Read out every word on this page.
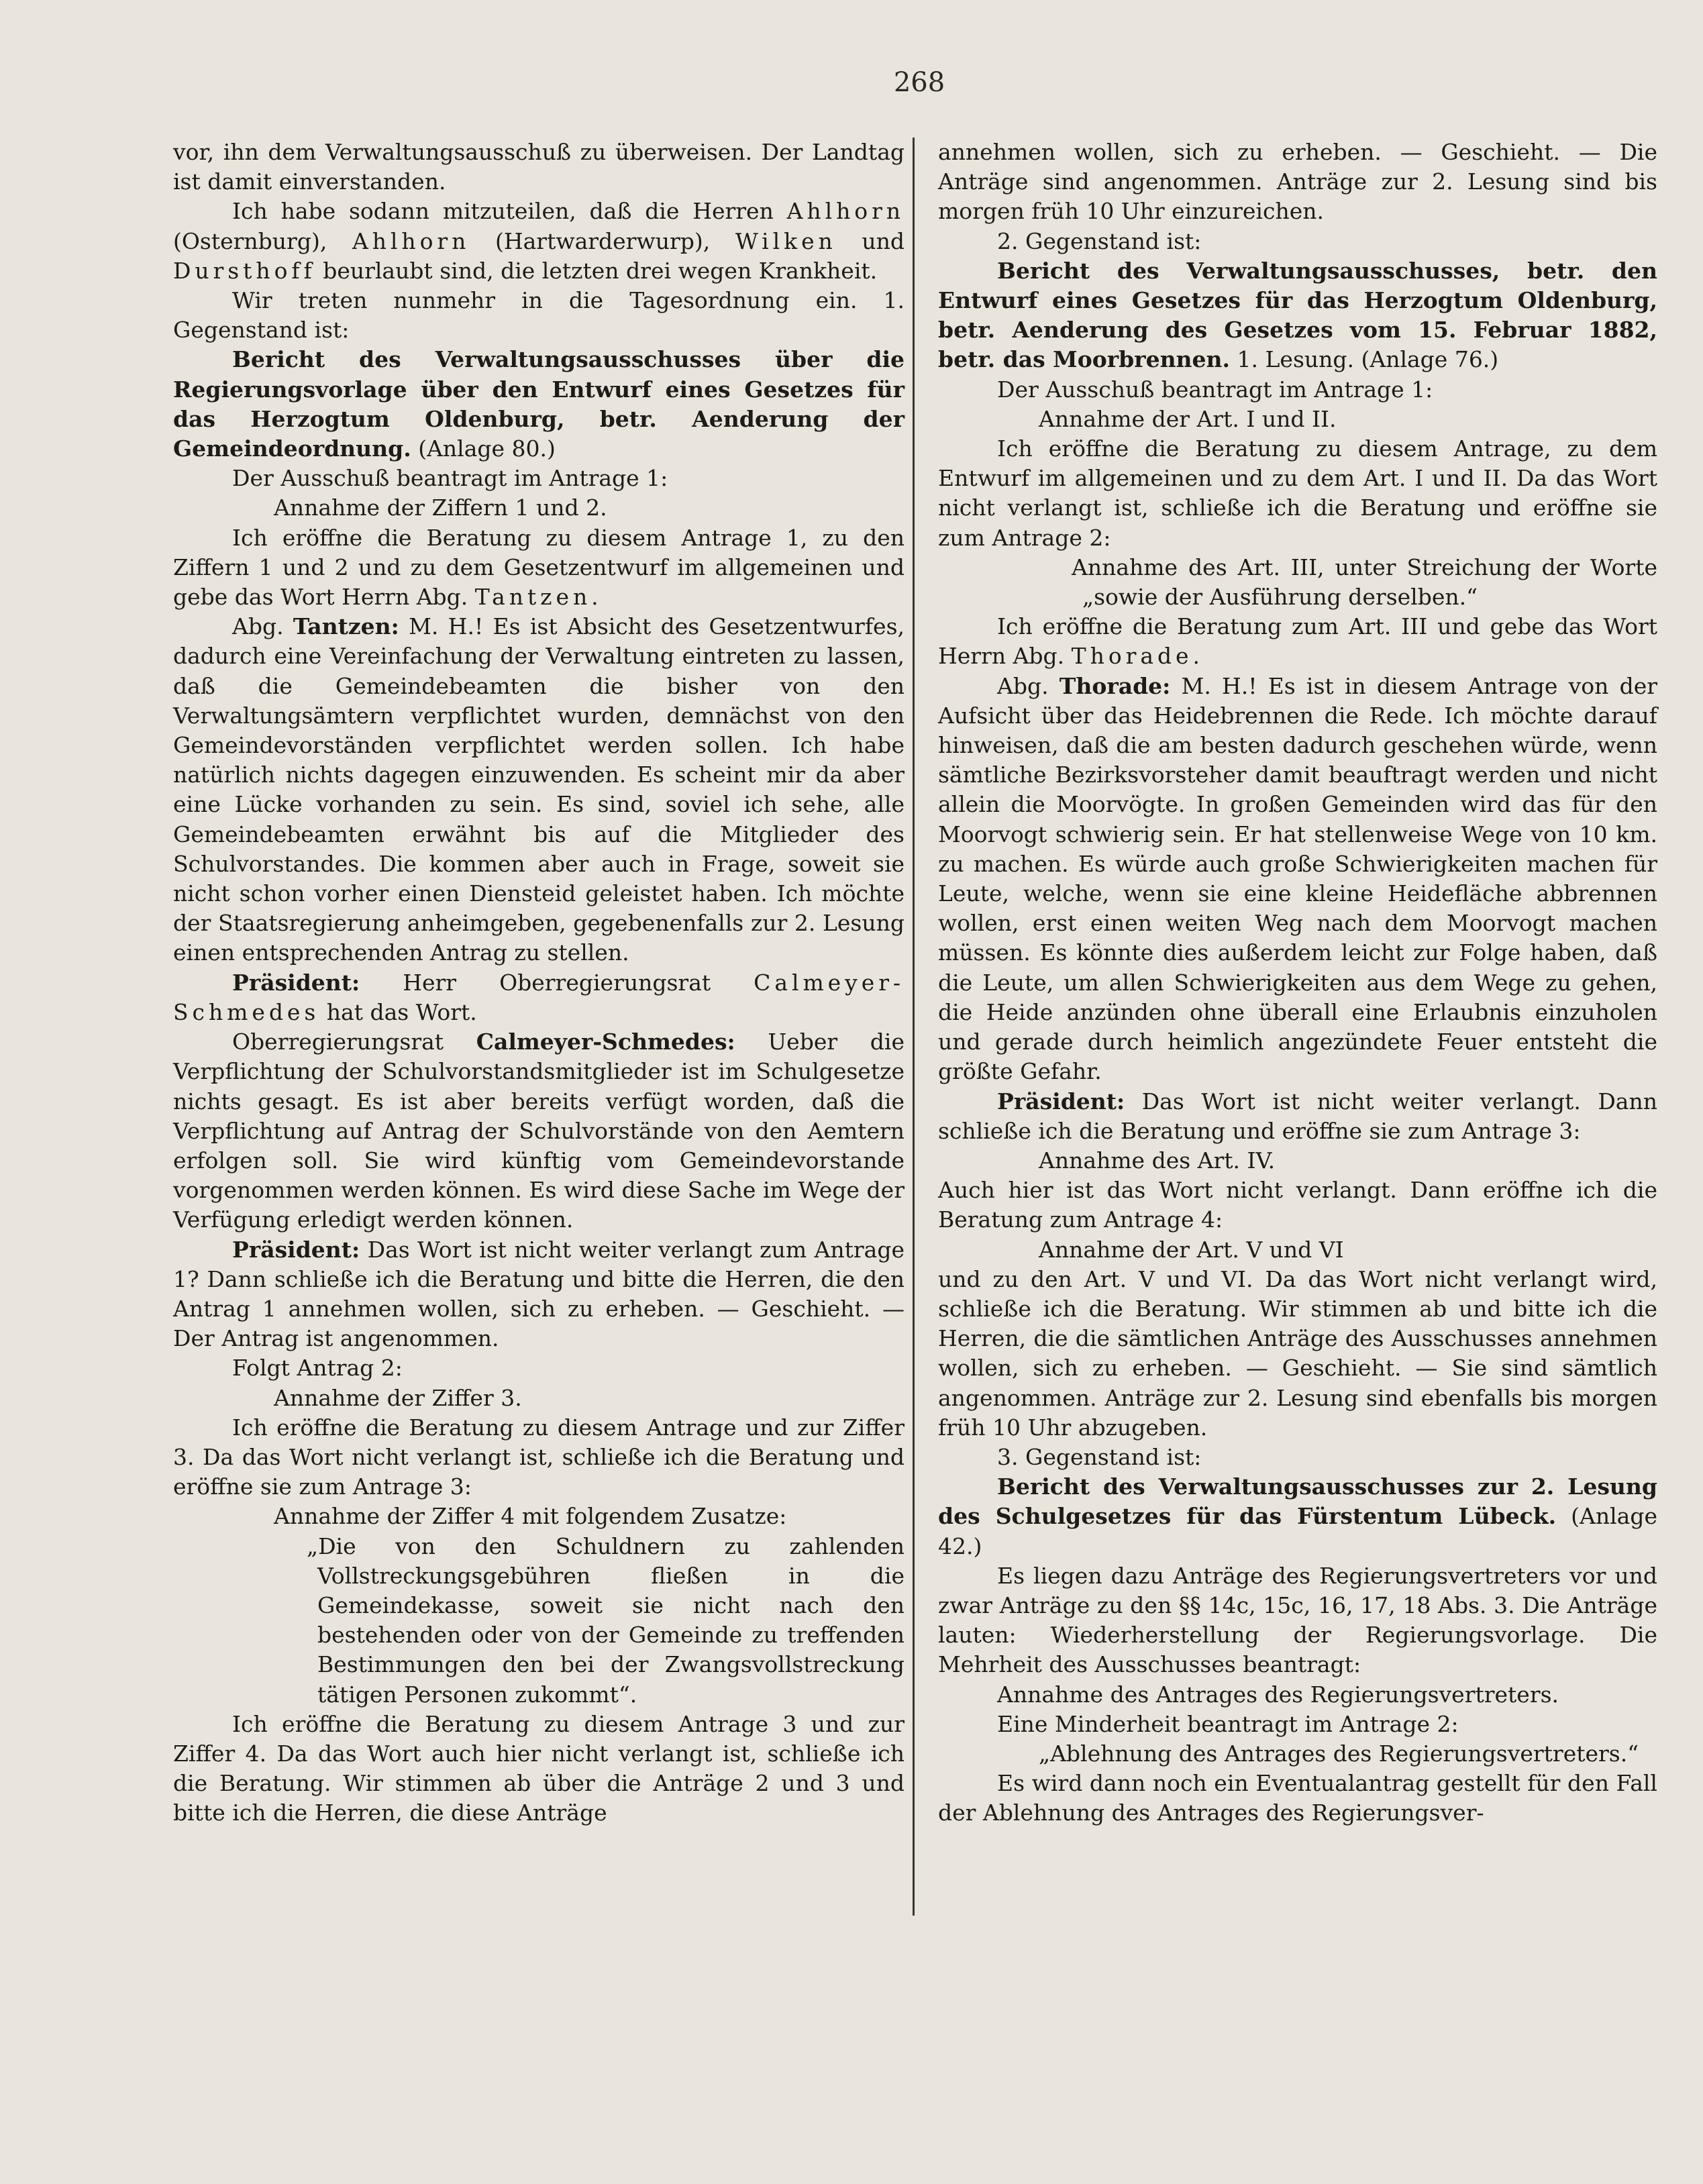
268

vor, ihn dem Verwaltungsausschuß zu überweisen. Der Landtag ist damit einverstanden.

Ich habe sodann mitzuteilen, daß die Herren Ahlhorn (Osternburg), Ahlhorn (Hartwarderwurp), Wilken und Dursthoff beurlaubt sind, die letzten drei wegen Krankheit.

Wir treten nunmehr in die Tagesordnung ein. 1. Gegenstand ist:

Bericht des Verwaltungsausschusses über die Regierungsvorlage über den Entwurf eines Gesetzes für das Herzogtum Oldenburg, betr. Aenderung der Gemeindeordnung. (Anlage 80.)

Der Ausschuß beantragt im Antrage 1:

Annahme der Ziffern 1 und 2.

Ich eröffne die Beratung zu diesem Antrage 1, zu den Ziffern 1 und 2 und zu dem Gesetzentwurf im allgemeinen und gebe das Wort Herrn Abg. Tantzen.

Abg. Tantzen: M. H.! Es ist Absicht des Gesetzentwurfes, dadurch eine Vereinfachung der Verwaltung eintreten zu lassen, daß die Gemeindebeamten die bisher von den Verwaltungsämtern verpflichtet wurden, demnächst von den Gemeindevorständen verpflichtet werden sollen. Ich habe natürlich nichts dagegen einzuwenden. Es scheint mir da aber eine Lücke vorhanden zu sein. Es sind, soviel ich sehe, alle Gemeindebeamten erwähnt bis auf die Mitglieder des Schulvorstandes. Die kommen aber auch in Frage, soweit sie nicht schon vorher einen Diensteid geleistet haben. Ich möchte der Staatsregierung anheimgeben, gegebenenfalls zur 2. Lesung einen entsprechenden Antrag zu stellen.

Präsident: Herr Oberregierungsrat Calmeyer-Schmedes hat das Wort.

Oberregierungsrat Calmeyer-Schmedes: Ueber die Verpflichtung der Schulvorstandsmitglieder ist im Schulgesetze nichts gesagt. Es ist aber bereits verfügt worden, daß die Verpflichtung auf Antrag der Schulvorstände von den Aemtern erfolgen soll. Sie wird künftig vom Gemeindevorstande vorgenommen werden können. Es wird diese Sache im Wege der Verfügung erledigt werden können.

Präsident: Das Wort ist nicht weiter verlangt zum Antrage 1? Dann schließe ich die Beratung und bitte die Herren, die den Antrag 1 annehmen wollen, sich zu erheben. — Geschieht. — Der Antrag ist angenommen.

Folgt Antrag 2:

Annahme der Ziffer 3.

Ich eröffne die Beratung zu diesem Antrage und zur Ziffer 3. Da das Wort nicht verlangt ist, schließe ich die Beratung und eröffne sie zum Antrage 3:

Annahme der Ziffer 4 mit folgendem Zusatze:

„Die von den Schuldnern zu zahlenden Vollstreckungsgebühren fließen in die Gemeindekasse, soweit sie nicht nach den bestehenden oder von der Gemeinde zu treffenden Bestimmungen den bei der Zwangsvollstreckung tätigen Personen zukommt“.

Ich eröffne die Beratung zu diesem Antrage 3 und zur Ziffer 4. Da das Wort auch hier nicht verlangt ist, schließe ich die Beratung. Wir stimmen ab über die Anträge 2 und 3 und bitte ich die Herren, die diese Anträge

annehmen wollen, sich zu erheben. — Geschieht. — Die Anträge sind angenommen. Anträge zur 2. Lesung sind bis morgen früh 10 Uhr einzureichen.

2. Gegenstand ist:

Bericht des Verwaltungsausschusses, betr. den Entwurf eines Gesetzes für das Herzogtum Oldenburg, betr. Aenderung des Gesetzes vom 15. Februar 1882, betr. das Moorbrennen. 1. Lesung. (Anlage 76.)

Der Ausschuß beantragt im Antrage 1:

Annahme der Art. I und II.

Ich eröffne die Beratung zu diesem Antrage, zu dem Entwurf im allgemeinen und zu dem Art. I und II. Da das Wort nicht verlangt ist, schließe ich die Beratung und eröffne sie zum Antrage 2:

Annahme des Art. III, unter Streichung der Worte „sowie der Ausführung derselben.“

Ich eröffne die Beratung zum Art. III und gebe das Wort Herrn Abg. Thorade.

Abg. Thorade: M. H.! Es ist in diesem Antrage von der Aufsicht über das Heidebrennen die Rede. Ich möchte darauf hinweisen, daß die am besten dadurch geschehen würde, wenn sämtliche Bezirksvorsteher damit beauftragt werden und nicht allein die Moorvögte. In großen Gemeinden wird das für den Moorvogt schwierig sein. Er hat stellenweise Wege von 10 km. zu machen. Es würde auch große Schwierigkeiten machen für Leute, welche, wenn sie eine kleine Heidefläche abbrennen wollen, erst einen weiten Weg nach dem Moorvogt machen müssen. Es könnte dies außerdem leicht zur Folge haben, daß die Leute, um allen Schwierigkeiten aus dem Wege zu gehen, die Heide anzünden ohne überall eine Erlaubnis einzuholen und gerade durch heimlich angezündete Feuer entsteht die größte Gefahr.

Präsident: Das Wort ist nicht weiter verlangt. Dann schließe ich die Beratung und eröffne sie zum Antrage 3:

Annahme des Art. IV.

Auch hier ist das Wort nicht verlangt. Dann eröffne ich die Beratung zum Antrage 4:

Annahme der Art. V und VI

und zu den Art. V und VI. Da das Wort nicht verlangt wird, schließe ich die Beratung. Wir stimmen ab und bitte ich die Herren, die die sämtlichen Anträge des Ausschusses annehmen wollen, sich zu erheben. — Geschieht. — Sie sind sämtlich angenommen. Anträge zur 2. Lesung sind ebenfalls bis morgen früh 10 Uhr abzugeben.

3. Gegenstand ist:

Bericht des Verwaltungsausschusses zur 2. Lesung des Schulgesetzes für das Fürstentum Lübeck. (Anlage 42.)

Es liegen dazu Anträge des Regierungsvertreters vor und zwar Anträge zu den §§ 14c, 15c, 16, 17, 18 Abs. 3. Die Anträge lauten: Wiederherstellung der Regierungsvorlage. Die Mehrheit des Ausschusses beantragt:

Annahme des Antrages des Regierungsvertreters.

Eine Minderheit beantragt im Antrage 2:

„Ablehnung des Antrages des Regierungsvertreters.“

Es wird dann noch ein Eventualantrag gestellt für den Fall der Ablehnung des Antrages des Regierungsver-
